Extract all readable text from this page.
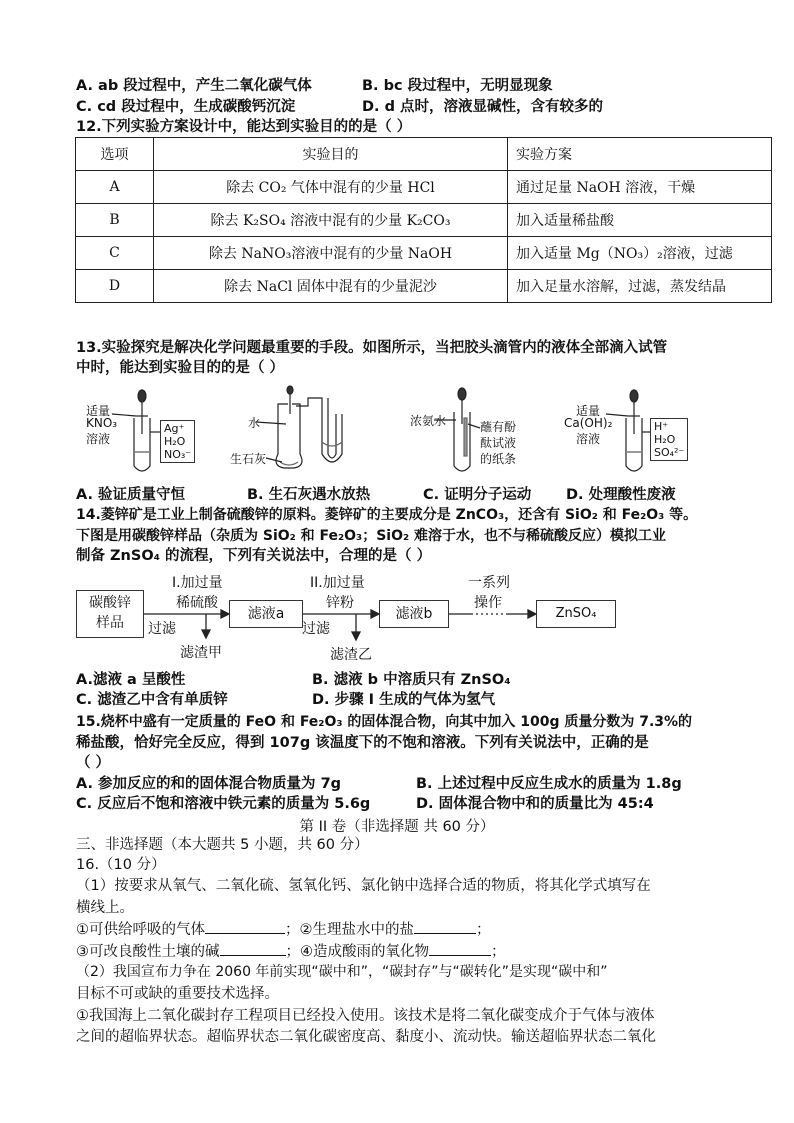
A. ab 段过程中，产生二氧化碳气体	B. bc 段过程中，无明显现象
C. cd 段过程中，生成碳酸钙沉淀	D. d 点时，溶液显碱性，含有较多的
12.下列实验方案设计中，能达到实验目的的是（ ）
选项	实验目的	实验方案
A	除去 CO₂ 气体中混有的少量 HCl	通过足量 NaOH 溶液，干燥
B	除去 K₂SO₄ 溶液中混有的少量 K₂CO₃	加入适量稀盐酸
C	除去 NaNO₃溶液中混有的少量 NaOH	加入适量 Mg（NO₃）₂溶液，过滤
D	除去 NaCl 固体中混有的少量泥沙	加入足量水溶解，过滤，蒸发结晶
13.实验探究是解决化学问题最重要的手段。如图所示，当把胶头滴管内的液体全部滴入试管
中时，能达到实验目的的是（ ）
适量
KNO₃
溶液
Ag⁺
H₂O
NO₃⁻
水
生石灰
浓氨水	蘸有酚
酞试液
的纸条
适量
Ca(OH)₂
溶液
H⁺
H₂O
SO₄²⁻
A. 验证质量守恒	B. 生石灰遇水放热	C. 证明分子运动 D. 处理酸性废液
14.菱锌矿是工业上制备硫酸锌的原料。菱锌矿的主要成分是 ZnCO₃，还含有 SiO₂ 和 Fe₂O₃ 等。
下图是用碳酸锌样品（杂质为 SiO₂ 和 Fe₂O₃；SiO₂ 难溶于水，也不与稀硫酸反应）模拟工业
制备 ZnSO₄ 的流程，下列有关说法中，合理的是（ ）
碳酸锌
样品
I.加过量
稀硫酸
过滤
滤渣甲
滤液a
II.加过量
锌粉
过滤
滤渣乙
滤液b
一系列
操作
ZnSO₄
A.滤液 a 呈酸性	B. 滤液 b 中溶质只有 ZnSO₄
C. 滤渣乙中含有单质锌	D. 步骤 I 生成的气体为氢气
15.烧杯中盛有一定质量的 FeO 和 Fe₂O₃ 的固体混合物，向其中加入 100g 质量分数为 7.3%的
稀盐酸，恰好完全反应，得到 107g 该温度下的不饱和溶液。下列有关说法中，正确的是
（ ）
A. 参加反应的和的固体混合物质量为 7g	B. 上述过程中反应生成水的质量为 1.8g
C. 反应后不饱和溶液中铁元素的质量为 5.6g	D. 固体混合物中和的质量比为 45:4
第 II 卷（非选择题 共 60 分）
三、非选择题（本大题共 5 小题，共 60 分）
16.（10 分）
（1）按要求从氧气、二氧化硫、氢氧化钙、氯化钠中选择合适的物质，将其化学式填写在
横线上。
①可供给呼吸的气体	；②生理盐水中的盐	；
③可改良酸性土壤的碱	；④造成酸雨的氧化物	；
（2）我国宣布力争在 2060 年前实现“碳中和”，“碳封存”与“碳转化”是实现“碳中和”
目标不可或缺的重要技术选择。
①我国海上二氧化碳封存工程项目已经投入使用。该技术是将二氧化碳变成介于气体与液体
之间的超临界状态。超临界状态二氧化碳密度高、黏度小、流动快。输送超临界状态二氧化
